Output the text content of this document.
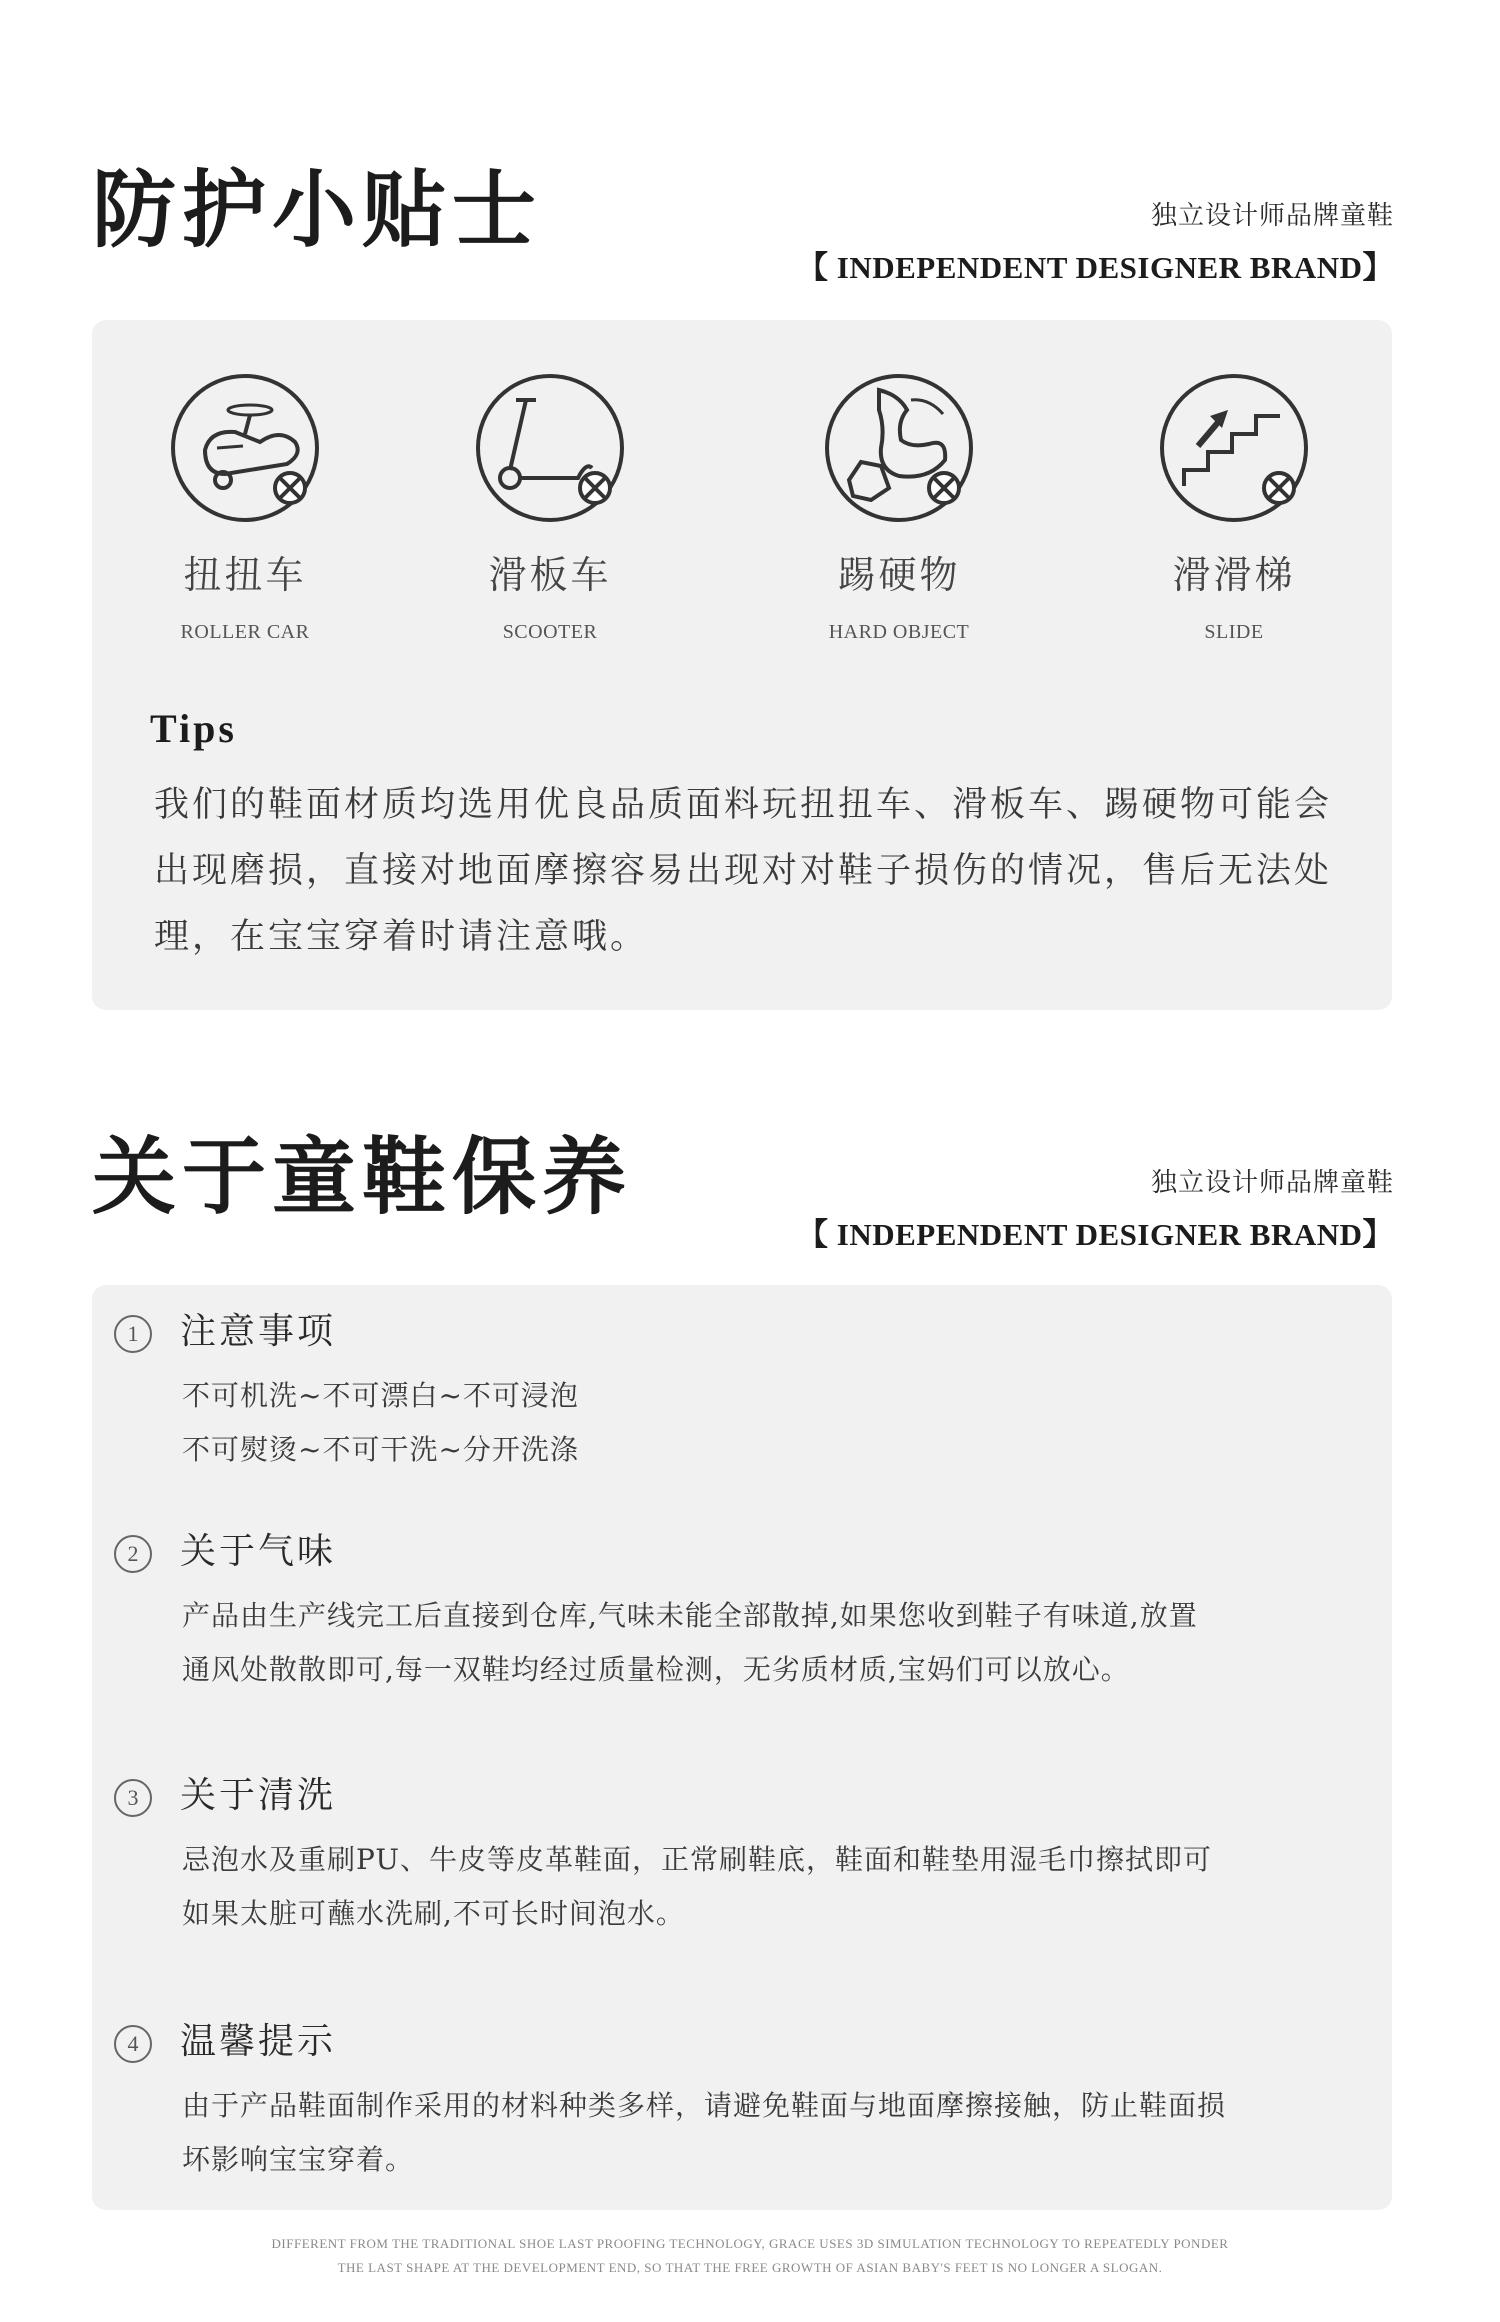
防护小贴士	独立设计师品牌童鞋
【 INDEPENDENT DESIGNER BRAND】
扭扭车
ROLLER CAR
滑板车
SCOOTER
踢硬物
HARD OBJECT
滑滑梯
SLIDE
Tips

我们的鞋面材质均选用优良品质面料玩扭扭车、滑板车、踢硬物可能会出现磨损，直接对地面摩擦容易出现对对鞋子损伤的情况，售后无法处理，在宝宝穿着时请注意哦。

关于童鞋保养	独立设计师品牌童鞋
【 INDEPENDENT DESIGNER BRAND】
1	注意事项

不可机洗~不可漂白~不可浸泡
不可熨烫~不可干洗~分开洗涤

2	关于气味

产品由生产线完工后直接到仓库,气味未能全部散掉,如果您收到鞋子有味道,放置
通风处散散即可,每一双鞋均经过质量检测，无劣质材质,宝妈们可以放心。

3	关于清洗

忌泡水及重刷PU、牛皮等皮革鞋面，正常刷鞋底，鞋面和鞋垫用湿毛巾擦拭即可
如果太脏可蘸水洗刷,不可长时间泡水。

4	温馨提示

由于产品鞋面制作采用的材料种类多样，请避免鞋面与地面摩擦接触，防止鞋面损
坏影响宝宝穿着。

DIFFERENT FROM THE TRADITIONAL SHOE LAST PROOFING TECHNOLOGY, GRACE USES 3D SIMULATION TECHNOLOGY TO REPEATEDLY PONDER
THE LAST SHAPE AT THE DEVELOPMENT END, SO THAT THE FREE GROWTH OF ASIAN BABY'S FEET IS NO LONGER A SLOGAN.
